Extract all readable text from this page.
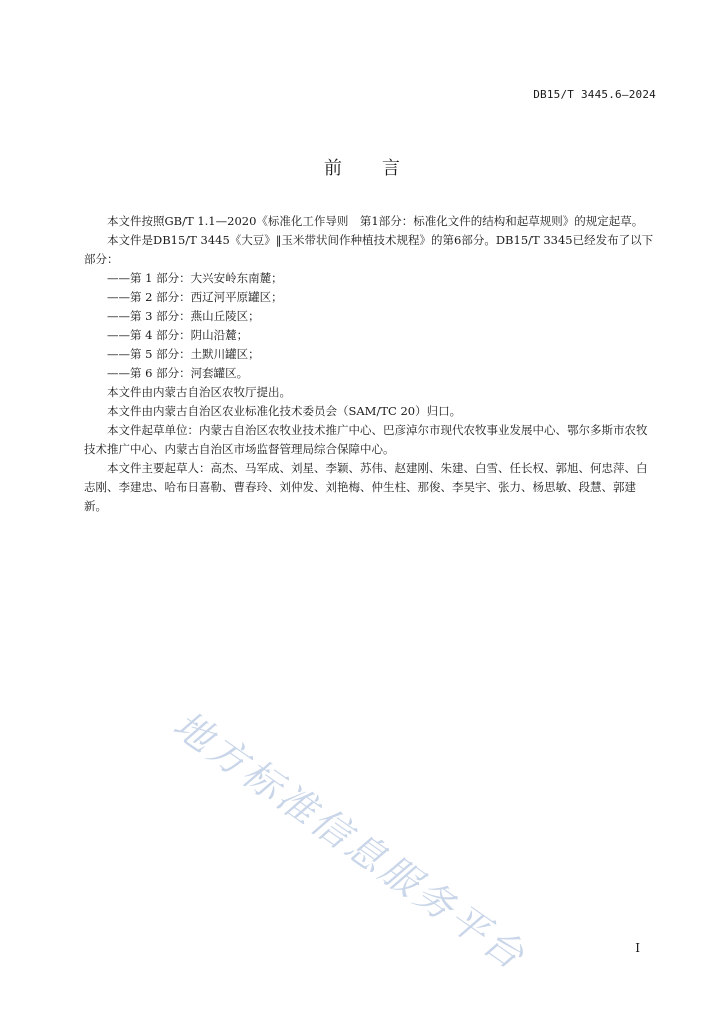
DB15/T 3445.6—2024
前 言

本文件按照GB/T 1.1—2020《标准化工作导则　第1部分：标准化文件的结构和起草规则》的规定起草。

本文件是DB15/T 3445《大豆》‖玉米带状间作种植技术规程》的第6部分。DB15/T 3345已经发布了以下部分：

——第 1 部分：大兴安岭东南麓；

——第 2 部分：西辽河平原罐区；

——第 3 部分：燕山丘陵区；

——第 4 部分：阴山沿麓；

——第 5 部分：土默川罐区；

——第 6 部分：河套罐区。

本文件由内蒙古自治区农牧厅提出。

本文件由内蒙古自治区农业标准化技术委员会（SAM/TC 20）归口。

本文件起草单位：内蒙古自治区农牧业技术推广中心、巴彦淖尔市现代农牧事业发展中心、鄂尔多斯市农牧技术推广中心、内蒙古自治区市场监督管理局综合保障中心。

本文件主要起草人：高杰、马军成、刘星、李颖、苏伟、赵建刚、朱建、白雪、任长权、郭旭、何忠萍、白志刚、李建忠、哈布日喜勒、曹春玲、刘仲发、刘艳梅、仲生柱、那俊、李昊宇、张力、杨思敏、段慧、郭建新。

地方标准信息服务平台	I
